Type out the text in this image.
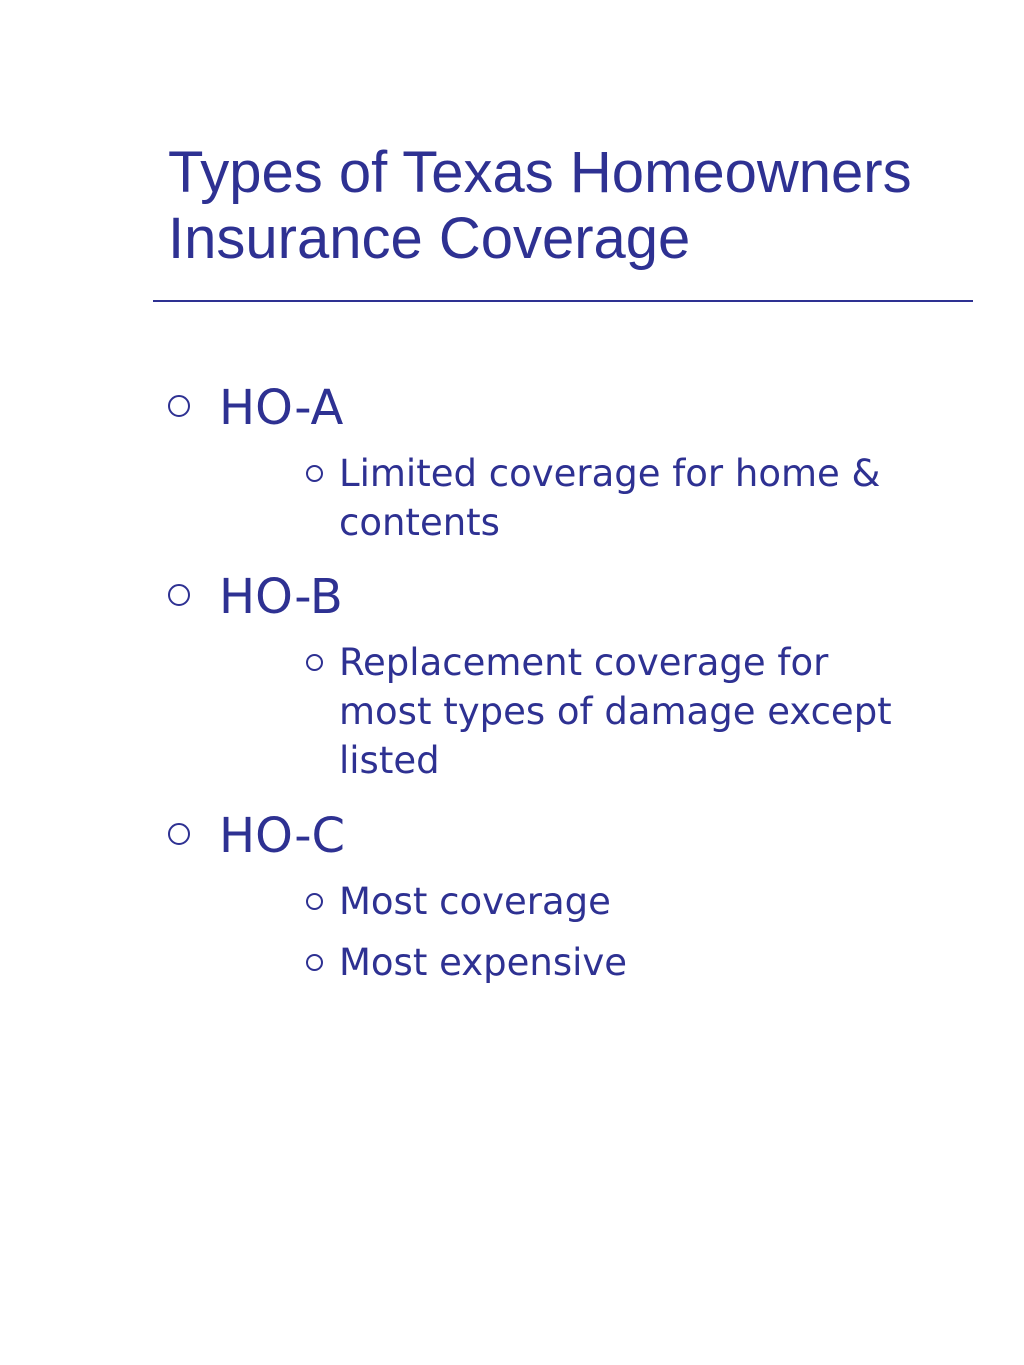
Types of Texas Homeowners
Insurance Coverage
HO-A
Limited coverage for home & contents
HO-B
Replacement coverage for most types of damage except listed
HO-C
Most coverage
Most expensive
